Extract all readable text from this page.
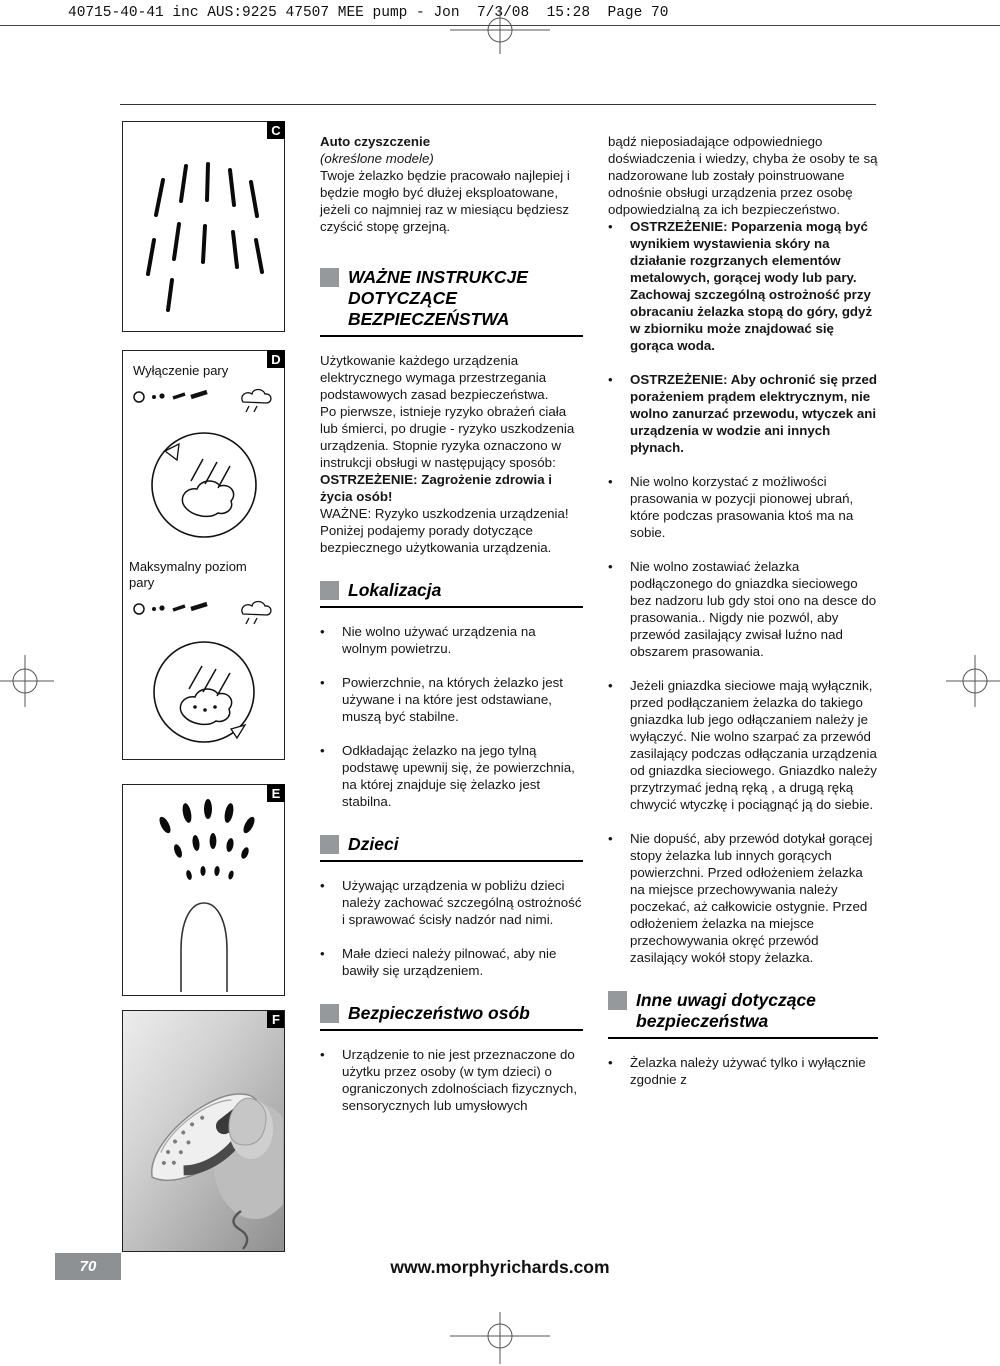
40715-40-41 inc AUS:9225 47507 MEE pump - Jon  7/3/08  15:28  Page 70
C
D
Wyłączenie pary
Maksymalny poziom pary
E
F

Auto czyszczenie

(określone modele)

Twoje żelazko będzie pracowało najlepiej i będzie mogło być dłużej eksploatowane, jeżeli co najmniej raz w miesiącu będziesz czyścić stopę grzejną.

WAŻNE INSTRUKCJE DOTYCZĄCE BEZPIECZEŃSTWA

Użytkowanie każdego urządzenia elektrycznego wymaga przestrzegania podstawowych zasad bezpieczeństwa.

Po pierwsze, istnieje ryzyko obrażeń ciała lub śmierci, po drugie - ryzyko uszkodzenia urządzenia. Stopnie ryzyka oznaczono w instrukcji obsługi w następujący sposób:

OSTRZEŻENIE: Zagrożenie zdrowia i życia osób!

WAŻNE: Ryzyko uszkodzenia urządzenia! Poniżej podajemy porady dotyczące bezpiecznego użytkowania urządzenia.

Lokalizacja
•	Nie wolno używać urządzenia na wolnym powietrzu.

•	Powierzchnie, na których żelazko jest używane i na które jest odstawiane, muszą być stabilne.

•	Odkładając żelazko na jego tylną podstawę upewnij się, że powierzchnia, na której znajduje się żelazko jest stabilna.

Dzieci
•	Używając urządzenia w pobliżu dzieci należy zachować szczególną ostrożność i sprawować ścisły nadzór nad nimi.

•	Małe dzieci należy pilnować, aby nie bawiły się urządzeniem.

Bezpieczeństwo osób
•	Urządzenie to nie jest przeznaczone do użytku przez osoby (w tym dzieci) o ograniczonych zdolnościach fizycznych, sensorycznych lub umysłowych

bądź nieposiadające odpowiedniego doświadczenia i wiedzy, chyba że osoby te są nadzorowane lub zostały poinstruowane odnośnie obsługi urządzenia przez osobę odpowiedzialną za ich bezpieczeństwo.

•	OSTRZEŻENIE: Poparzenia mogą być wynikiem wystawienia skóry na działanie rozgrzanych elementów metalowych, gorącej wody lub pary. Zachowaj szczególną ostrożność przy obracaniu żelazka stopą do góry, gdyż w zbiorniku może znajdować się gorąca woda.

•	OSTRZEŻENIE: Aby ochronić się przed porażeniem prądem elektrycznym, nie wolno zanurzać przewodu, wtyczek ani urządzenia w wodzie ani innych płynach.

•	Nie wolno korzystać z możliwości prasowania w pozycji pionowej ubrań, które podczas prasowania ktoś ma na sobie.

•	Nie wolno zostawiać żelazka podłączonego do gniazdka sieciowego bez nadzoru lub gdy stoi ono na desce do prasowania.. Nigdy nie pozwól, aby przewód zasilający zwisał luźno nad obszarem prasowania.

•	Jeżeli gniazdka sieciowe mają wyłącznik, przed podłączaniem żelazka do takiego gniazdka lub jego odłączaniem należy je wyłączyć. Nie wolno szarpać za przewód zasilający podczas odłączania urządzenia od gniazdka sieciowego. Gniazdko należy przytrzymać jedną ręką , a drugą ręką chwycić wtyczkę i pociągnąć ją do siebie.

•	Nie dopuść, aby przewód dotykał gorącej stopy żelazka lub innych gorących powierzchni. Przed odłożeniem żelazka na miejsce przechowywania należy poczekać, aż całkowicie ostygnie. Przed odłożeniem żelazka na miejsce przechowywania okręć przewód zasilający wokół stopy żelazka.

Inne uwagi dotyczące bezpieczeństwa
•	Żelazka należy używać tylko i wyłącznie zgodnie z

70	www.morphyrichards.com
